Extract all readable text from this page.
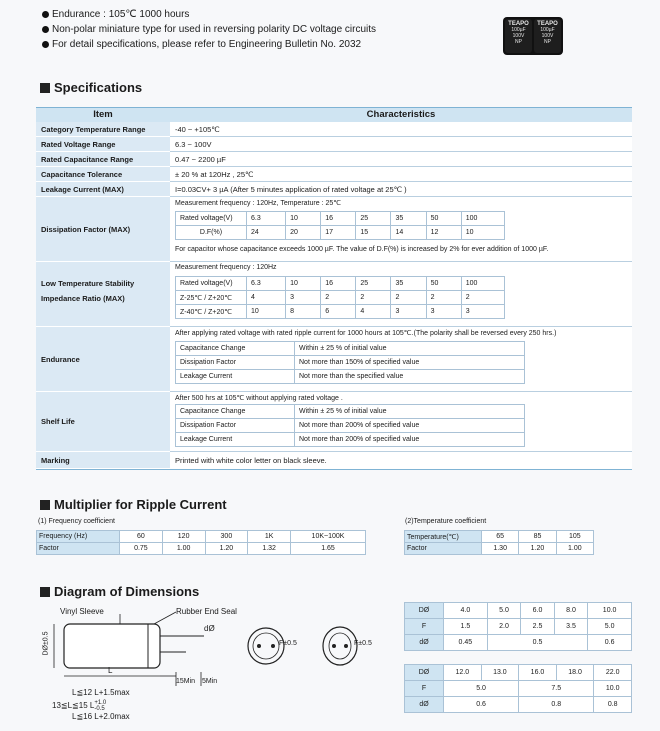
Endurance : 105℃ 1000 hours
Non-polar miniature type for used in reversing polarity DC voltage circuits
For detail specifications, please refer to Engineering Bulletin No. 2032
TEAPO
100µF
100V
NP
TEAPO
100µF
100V
NP
Specifications
Item	Characteristics
Category Temperature Range	-40 ~ +105℃
Rated Voltage Range	6.3 ~ 100V
Rated Capacitance Range	0.47 ~ 2200 µF
Capacitance Tolerance	± 20 % at 120Hz , 25℃
Leakage Current (MAX)	I=0.03CV+ 3 µA (After 5 minutes application of rated voltage at 25℃ )
Dissipation Factor (MAX)
Measurement frequency : 120Hz, Temperature : 25℃
Rated voltage(V)	6.3	10	16	25	35	50	100
D.F(%)	24	20	17	15	14	12	10
For capacitor whose capacitance exceeds 1000 µF. The value of D.F(%) is increased by 2% for ever addition of 1000 µF.
Low Temperature Stability
Impedance Ratio (MAX)
Measurement frequency : 120Hz
Rated voltage(V)	6.3	10	16	25	35	50	100
Z-25℃ / Z+20℃	4	3	2	2	2	2	2
Z-40℃ / Z+20℃	10	8	6	4	3	3	3
Endurance
After applying rated voltage with rated ripple current for 1000 hours at 105℃.(The polarity shall be reversed every 250 hrs.)
Capacitance Change	Within ± 25 % of initial value
Dissipation Factor	Not more than 150% of specified value
Leakage Current	Not more than the specified value
Shelf Life
After 500 hrs at 105℃ without applying rated voltage .
Capacitance Change	Within ± 25 % of initial value
Dissipation Factor	Not more than 200% of specified value
Leakage Current	Not more than 200% of specified value
Marking	Printed with white color letter on black sleeve.
Multiplier for Ripple Current
(1) Frequency coefficient
Frequency (Hz)	60	120	300	1K	10K~100K
Factor	0.75	1.00	1.20	1.32	1.65
(2)Temperature coefficient
Temperature(℃)	65	85	105
Factor	1.30	1.20	1.00
Diagram of Dimensions
Vinyl Sleeve	Rubber End Seal
dØ
DØ±0.5
L
15Min 5Min
F±0.5	F±0.5
L≦12 L+1.5max
13≦L≦15 L +1.0
-0.5
L≦16 L+2.0max
DØ	4.0	5.0	6.0	8.0	10.0
F	1.5	2.0	2.5	3.5	5.0
dØ	0.45	0.5			0.6
DØ	12.0	13.0	16.0	18.0	22.0
F	5.0		7.5		10.0
dØ	0.6		0.8		0.8
